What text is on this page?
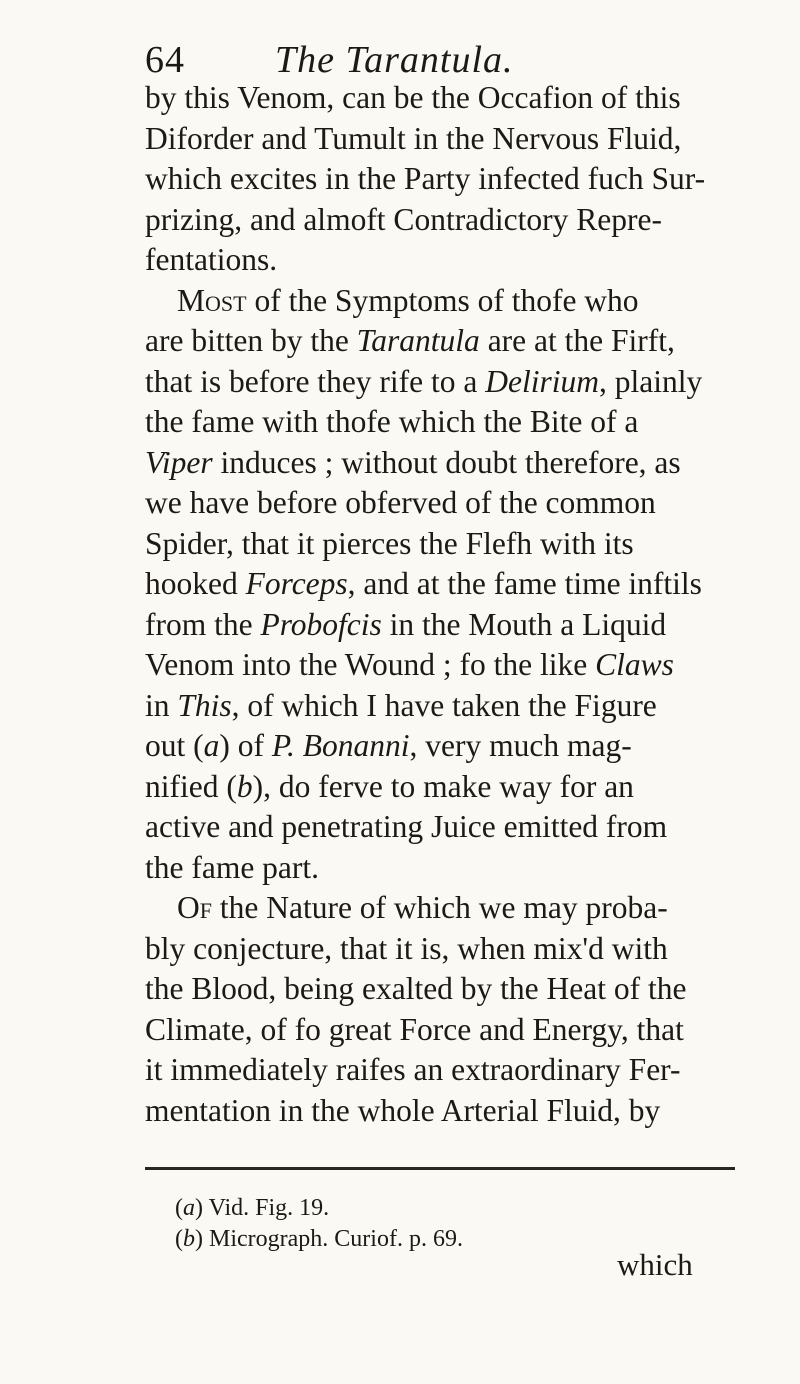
64 The Tarantula.
by this Venom, can be the Occafion of this
Diforder and Tumult in the Nervous Fluid,
which excites in the Party infected fuch Sur-
prizing, and almoft Contradictory Repre-
fentations.
Most of the Symptoms of thofe who
are bitten by the Tarantula are at the Firft,
that is before they rife to a Delirium, plainly
the fame with thofe which the Bite of a
Viper induces ; without doubt therefore, as
we have before obferved of the common
Spider, that it pierces the Flefh with its
hooked Forceps, and at the fame time inftils
from the Probofcis in the Mouth a Liquid
Venom into the Wound ; fo the like Claws
in This, of which I have taken the Figure
out (a) of P. Bonanni, very much mag-
nified (b), do ferve to make way for an
active and penetrating Juice emitted from
the fame part.
Of the Nature of which we may proba-
bly conjecture, that it is, when mix'd with
the Blood, being exalted by the Heat of the
Climate, of fo great Force and Energy, that
it immediately raifes an extraordinary Fer-
mentation in the whole Arterial Fluid, by
(a) Vid. Fig. 19.
(b) Micrograph. Curiof. p. 69.
which
